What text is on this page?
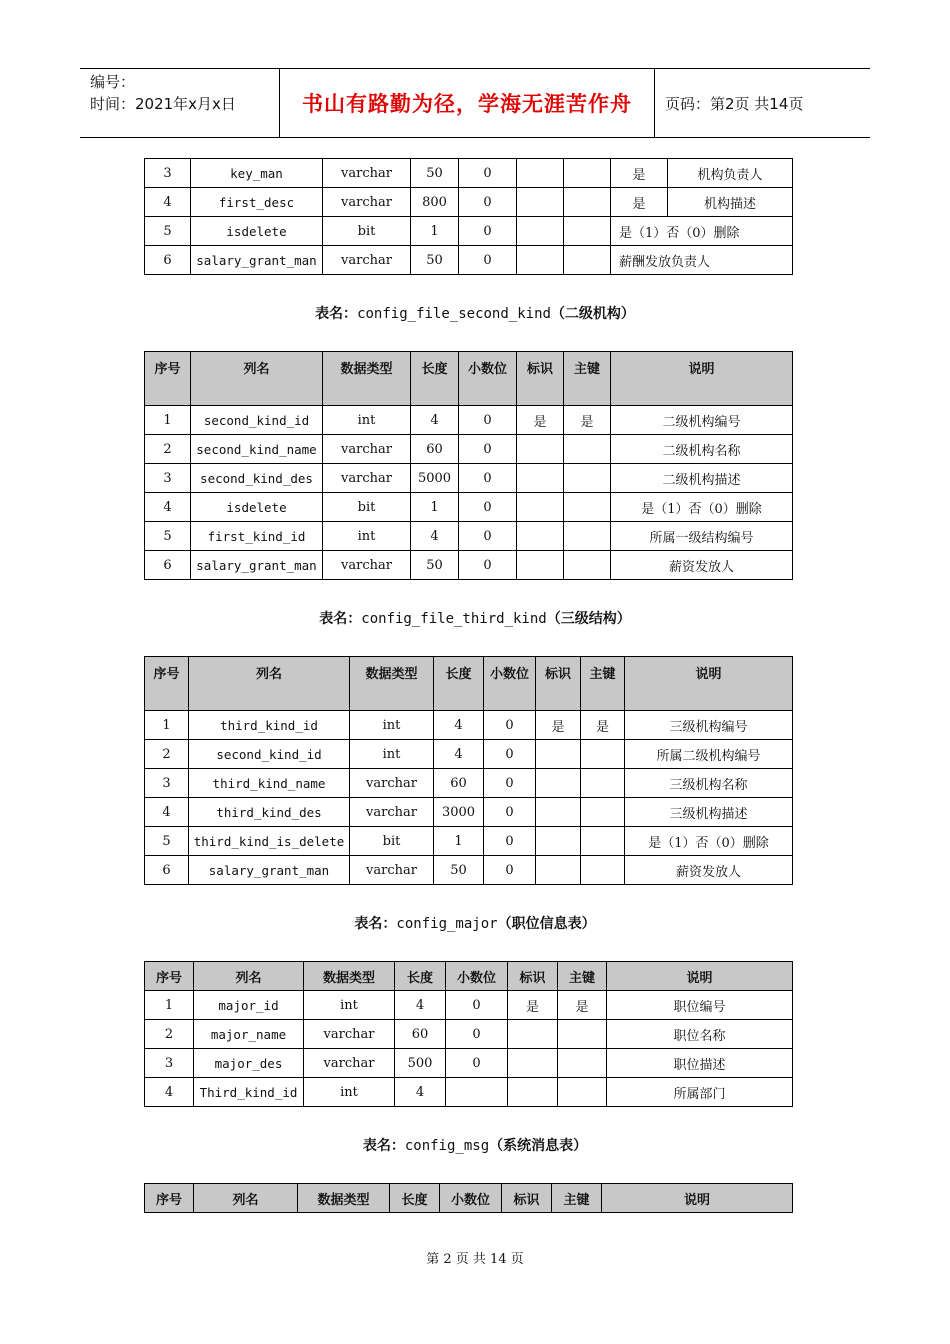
编号：
时间：2021年x月x日	书山有路勤为径，学海无涯苦作舟	页码：第2页 共14页
3	key_man	varchar	50	0			是	机构负责人
4	first_desc	varchar	800	0			是	机构描述
5	isdelete	bit	1	0			是（1）否（0）删除	
6	salary_grant_man	varchar	50	0			薪酬发放负责人	
表名：config_file_second_kind（二级机构）
序号	列名	数据类型	长度	小数位	标识	主键	说明
1	second_kind_id	int	4	0	是	是	二级机构编号
2	second_kind_name	varchar	60	0			二级机构名称
3	second_kind_des	varchar	5000	0			二级机构描述
4	isdelete	bit	1	0			是（1）否（0）删除
5	first_kind_id	int	4	0			所属一级结构编号
6	salary_grant_man	varchar	50	0			薪资发放人
表名：config_file_third_kind（三级结构）
序号	列名	数据类型	长度	小数位	标识	主键	说明
1	third_kind_id	int	4	0	是	是	三级机构编号
2	second_kind_id	int	4	0			所属二级机构编号
3	third_kind_name	varchar	60	0			三级机构名称
4	third_kind_des	varchar	3000	0			三级机构描述
5	third_kind_is_delete	bit	1	0			是（1）否（0）删除
6	salary_grant_man	varchar	50	0			薪资发放人
表名：config_major（职位信息表）
序号	列名	数据类型	长度	小数位	标识	主键	说明
1	major_id	int	4	0	是	是	职位编号
2	major_name	varchar	60	0			职位名称
3	major_des	varchar	500	0			职位描述
4	Third_kind_id	int	4				所属部门
表名：config_msg（系统消息表）
序号	列名	数据类型	长度	小数位	标识	主键	说明
第 2 页 共 14 页
